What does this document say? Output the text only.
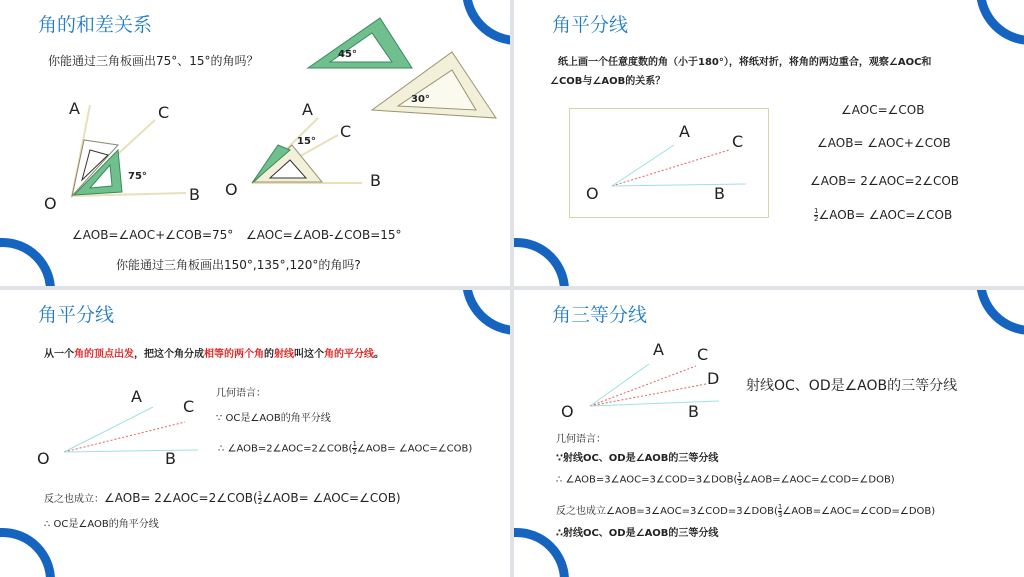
角的和差关系
你能通过三角板画出75°、15°的角吗？	45°
30°
A	C
O	B
75°
A
C
O	B
15°
∠AOB=∠AOC+∠COB=75° ∠AOC=∠AOB-∠COB=15°
你能通过三角板画出150°,135°,120°的角吗?
角平分线
纸上画一个任意度数的角（小于180°），将纸对折，将角的两边重合，观察∠AOC和
∠COB与∠AOB的关系？
A
C
O	B
∠AOC=∠COB
∠AOB= ∠AOC+∠COB
∠AOB= 2∠AOC=2∠COB
$\frac{1}{2}$ ∠AOB= ∠AOC=∠COB
角平分线
从一个角的顶点出发，把这个角分成相等的两个角的射线叫这个角的平分线。
A
C
O	B
几何语言：
∵ OC是∠AOB的角平分线
∴ ∠AOB=2∠AOC=2∠COB( $\frac{1}{2}$ ∠AOB= ∠AOC=∠COB)
反之也成立：∠AOB= 2∠AOC=2∠COB( $\frac{1}{2}$ ∠AOB= ∠AOC=∠COB)
∴ OC是∠AOB的角平分线
角三等分线
A C
D
O	B
射线OC、OD是∠AOB的三等分线
几何语言：
∵射线OC、OD是∠AOB的三等分线
∴ ∠AOB=3∠AOC=3∠COD=3∠DOB( $\frac{1}{3}$ ∠AOB=∠AOC=∠COD=∠DOB)
反之也成立∠AOB=3∠AOC=3∠COD=3∠DOB( $\frac{1}{3}$ ∠AOB=∠AOC=∠COD=∠DOB)
∴射线OC、OD是∠AOB的三等分线
